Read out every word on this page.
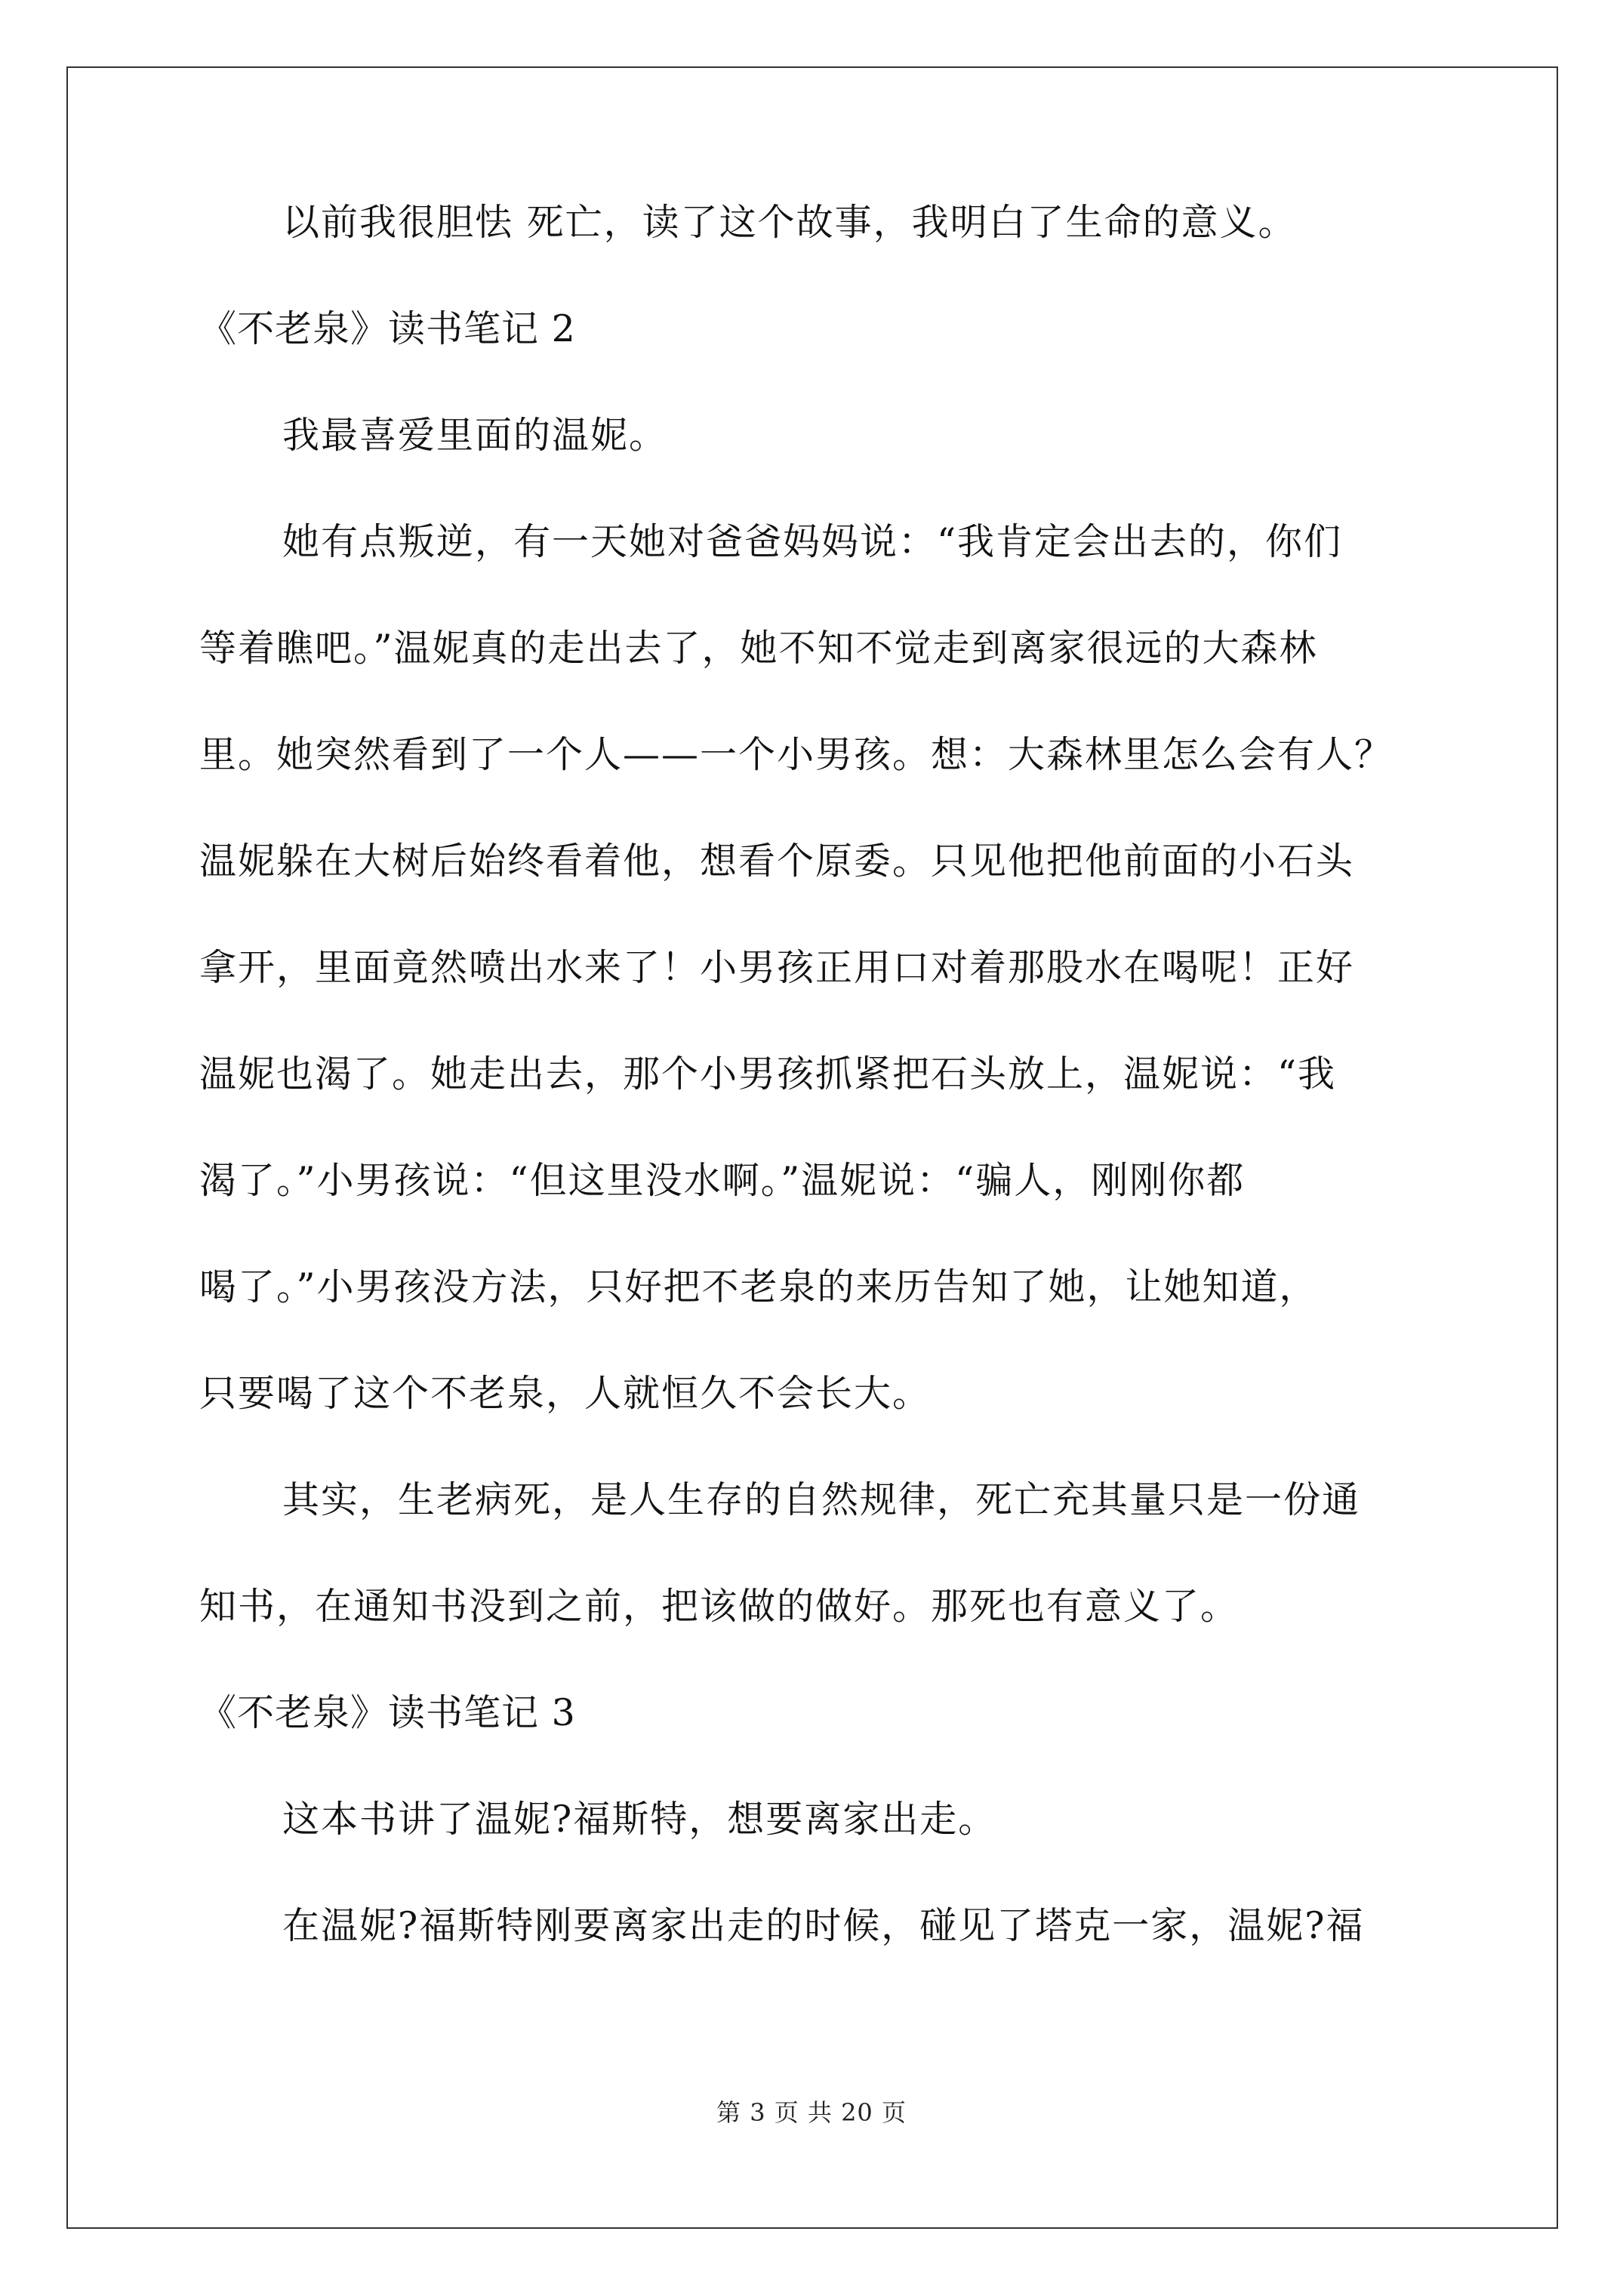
以前我很胆怯 死亡，读了这个故事，我明白了生命的意义。
《不老泉》读书笔记 2
我最喜爱里面的温妮。
她有点叛逆，有一天她对爸爸妈妈说：“我肯定会出去的，你们
等着瞧吧。”温妮真的走出去了，她不知不觉走到离家很远的大森林
里。她突然看到了一个人——一个小男孩。想：大森林里怎么会有人？
温妮躲在大树后始终看着他，想看个原委。只见他把他前面的小石头
拿开，里面竟然喷出水来了！小男孩正用口对着那股水在喝呢！正好
温妮也渴了。她走出去，那个小男孩抓紧把石头放上，温妮说：“我
渴了。”小男孩说：“但这里没水啊。”温妮说：“骗人，刚刚你都
喝了。”小男孩没方法，只好把不老泉的来历告知了她，让她知道，
只要喝了这个不老泉，人就恒久不会长大。
其实，生老病死，是人生存的自然规律，死亡充其量只是一份通
知书，在通知书没到之前，把该做的做好。那死也有意义了。
《不老泉》读书笔记 3
这本书讲了温妮?福斯特，想要离家出走。
在温妮?福斯特刚要离家出走的时候，碰见了塔克一家，温妮?福
第 3 页 共 20 页
